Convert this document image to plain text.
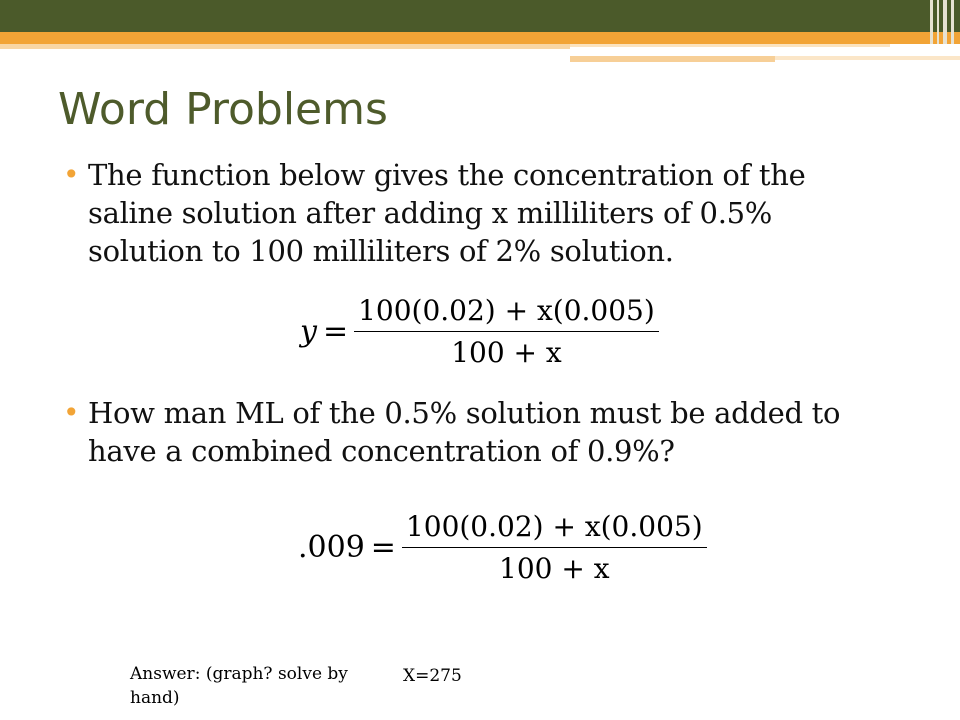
Word Problems

• The function below gives the concentration of the saline solution after adding x milliliters of 0.5% solution to 100 milliliters of 2% solution.

$y = \frac{100(0.02) + x(0.005)}{100 + x}$

• How man ML of the 0.5% solution must be added to have a combined concentration of 0.9%?

$.009 = \frac{100(0.02) + x(0.005)}{100 + x}$

Answer: (graph? solve by hand)

X=275
